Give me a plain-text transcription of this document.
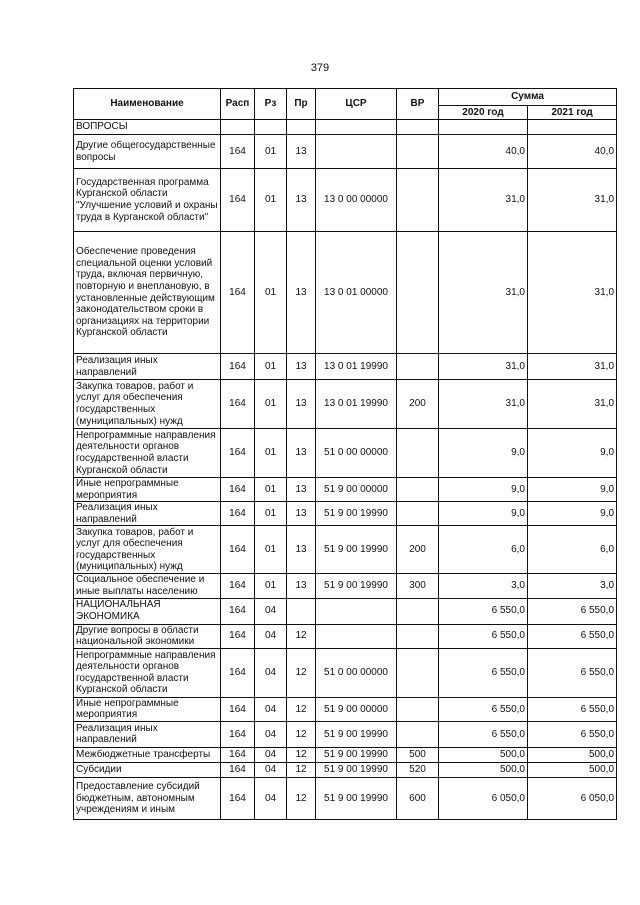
379
Наименование	Расп	Рз	Пр	ЦСР	ВР	Сумма	
						2020 год	2021 год
ВОПРОСЫ							
Другие общегосударственные вопросы	164	01	13			40,0	40,0
Государственная программа Курганской области "Улучшение условий и охраны труда в Курганской области"	164	01	13	13 0 00 00000		31,0	31,0
Обеспечение проведения специальной оценки условий труда, включая первичную, повторную и внеплановую, в установленные действующим законодательством сроки в организациях на территории Курганской области	164	01	13	13 0 01 00000		31,0	31,0
Реализация иных направлений	164	01	13	13 0 01 19990		31,0	31,0
Закупка товаров, работ и услуг для обеспечения государственных (муниципальных) нужд	164	01	13	13 0 01 19990	200	31,0	31,0
Непрограммные направления деятельности органов государственной власти Курганской области	164	01	13	51 0 00 00000		9,0	9,0
Иные непрограммные мероприятия	164	01	13	51 9 00 00000		9,0	9,0
Реализация иных направлений	164	01	13	51 9 00 19990		9,0	9,0
Закупка товаров, работ и услуг для обеспечения государственных (муниципальных) нужд	164	01	13	51 9 00 19990	200	6,0	6,0
Социальное обеспечение и иные выплаты населению	164	01	13	51 9 00 19990	300	3,0	3,0
НАЦИОНАЛЬНАЯ ЭКОНОМИКА	164	04				6 550,0	6 550,0
Другие вопросы в области национальной экономики	164	04	12			6 550,0	6 550,0
Непрограммные направления деятельности органов государственной власти Курганской области	164	04	12	51 0 00 00000		6 550,0	6 550,0
Иные непрограммные мероприятия	164	04	12	51 9 00 00000		6 550,0	6 550,0
Реализация иных направлений	164	04	12	51 9 00 19990		6 550,0	6 550,0
Межбюджетные трансферты	164	04	12	51 9 00 19990	500	500,0	500,0
Субсидии	164	04	12	51 9 00 19990	520	500,0	500,0
Предоставление субсидий бюджетным, автономным учреждениям и иным	164	04	12	51 9 00 19990	600	6 050,0	6 050,0
